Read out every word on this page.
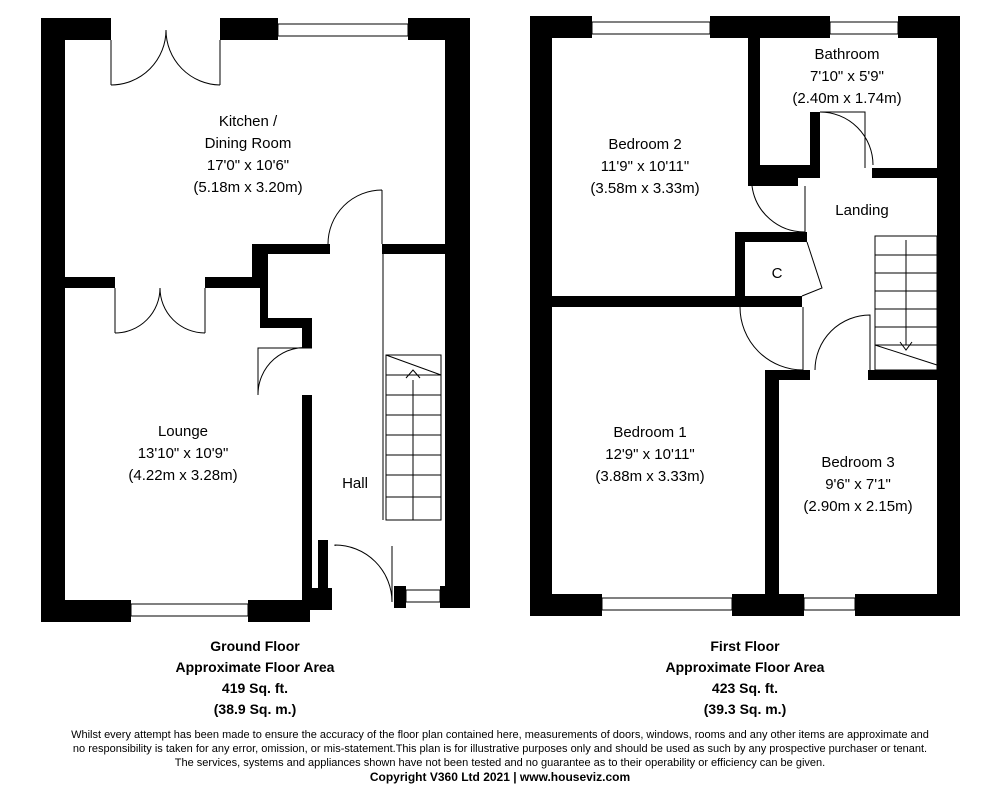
Kitchen /
Dining Room
17'0" x 10'6"
(5.18m x 3.20m)
Lounge
13'10" x 10'9"
(4.22m x 3.28m)	Hall
Bathroom
7'10" x 5'9"
(2.40m x 1.74m)
Bedroom 2
11'9" x 10'11"
(3.58m x 3.33m)
Landing
C
Bedroom 1
12'9" x 10'11"
(3.88m x 3.33m)
Bedroom 3
9'6" x 7'1"
(2.90m x 2.15m)
Ground Floor
Approximate Floor Area
419 Sq. ft.
(38.9 Sq. m.)
First Floor
Approximate Floor Area
423 Sq. ft.
(39.3 Sq. m.)
Whilst every attempt has been made to ensure the accuracy of the floor plan contained here, measurements of doors, windows, rooms and any other items are approximate and
no responsibility is taken for any error, omission, or mis-statement.This plan is for illustrative purposes only and should be used as such by any prospective purchaser or tenant.
The services, systems and appliances shown have not been tested and no guarantee as to their operability or efficiency can be given.
Copyright V360 Ltd 2021 | www.houseviz.com
